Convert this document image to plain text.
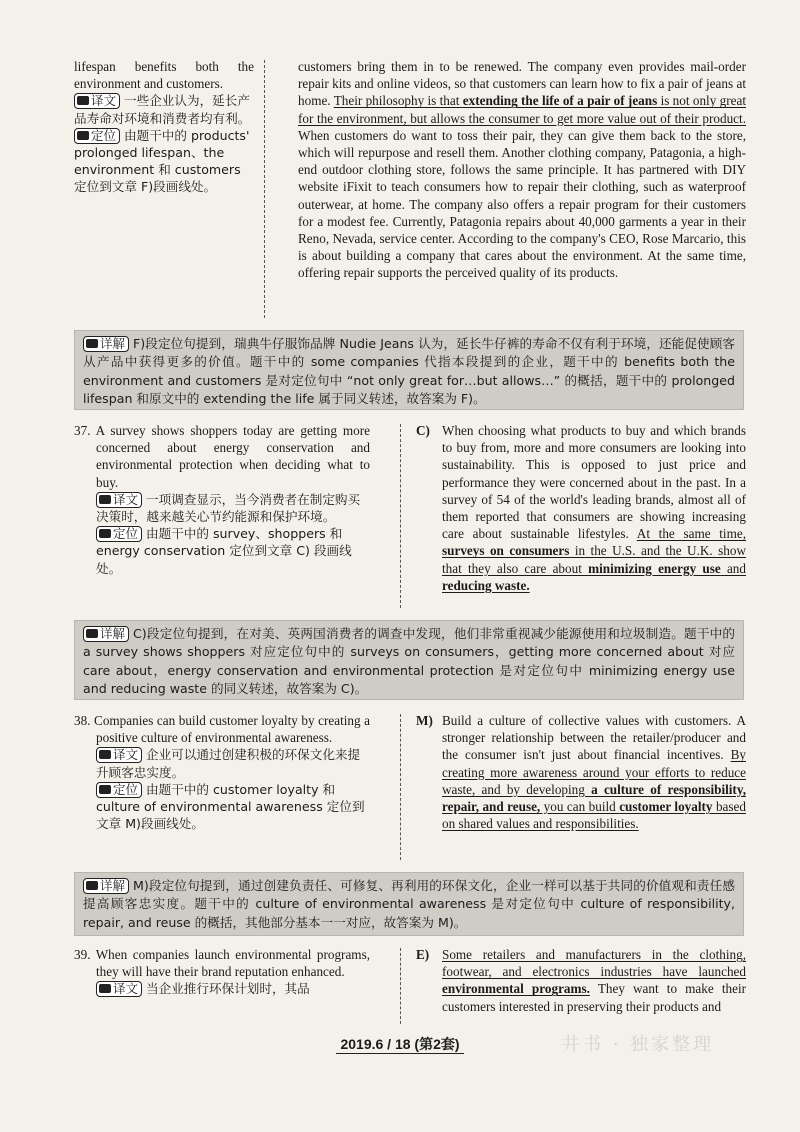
lifespan benefits both the environment and customers.
译文 一些企业认为，延长产品寿命对环境和消费者均有利。
定位 由题干中的 products' prolonged lifespan、the environment 和 customers 定位到文章 F)段画线处。
customers bring them in to be renewed. The company even provides mail-order repair kits and online videos, so that customers can learn how to fix a pair of jeans at home. Their philosophy is that extending the life of a pair of jeans is not only great for the environment, but allows the consumer to get more value out of their product. When customers do want to toss their pair, they can give them back to the store, which will repurpose and resell them. Another clothing company, Patagonia, a high-end outdoor clothing store, follows the same principle. It has partnered with DIY website iFixit to teach consumers how to repair their clothing, such as waterproof outerwear, at home. The company also offers a repair program for their customers for a modest fee. Currently, Patagonia repairs about 40,000 garments a year in their Reno, Nevada, service center. According to the company's CEO, Rose Marcario, this is about building a company that cares about the environment. At the same time, offering repair supports the perceived quality of its products.
详解 F)段定位句提到，瑞典牛仔服饰品牌 Nudie Jeans 认为，延长牛仔裤的寿命不仅有利于环境，还能促使顾客从产品中获得更多的价值。题干中的 some companies 代指本段提到的企业，题干中的 benefits both the environment and customers 是对定位句中 “not only great for…but allows…” 的概括，题干中的 prolonged lifespan 和原文中的 extending the life 属于同义转述，故答案为 F)。
37. A survey shows shoppers today are getting more concerned about energy conservation and environmental protection when deciding what to buy.
译文 一项调查显示，当今消费者在制定购买决策时，越来越关心节约能源和保护环境。
定位 由题干中的 survey、shoppers 和 energy conservation 定位到文章 C) 段画线处。
C) When choosing what products to buy and which brands to buy from, more and more consumers are looking into sustainability. This is opposed to just price and performance they were concerned about in the past. In a survey of 54 of the world's leading brands, almost all of them reported that consumers are showing increasing care about sustainable lifestyles. At the same time, surveys on consumers in the U.S. and the U.K. show that they also care about minimizing energy use and reducing waste.
详解 C)段定位句提到，在对美、英两国消费者的调查中发现，他们非常重视减少能源使用和垃圾制造。题干中的 a survey shows shoppers 对应定位句中的 surveys on consumers，getting more concerned about 对应 care about，energy conservation and environmental protection 是对定位句中 minimizing energy use and reducing waste 的同义转述，故答案为 C)。
38. Companies can build customer loyalty by creating a positive culture of environmental awareness.
译文 企业可以通过创建积极的环保文化来提升顾客忠实度。
定位 由题干中的 customer loyalty 和 culture of environmental awareness 定位到文章 M)段画线处。
M) Build a culture of collective values with customers. A stronger relationship between the retailer/producer and the consumer isn't just about financial incentives. By creating more awareness around your efforts to reduce waste, and by developing a culture of responsibility, repair, and reuse, you can build customer loyalty based on shared values and responsibilities.
详解 M)段定位句提到，通过创建负责任、可修复、再利用的环保文化，企业一样可以基于共同的价值观和责任感提高顾客忠实度。题干中的 culture of environmental awareness 是对定位句中 culture of responsibility, repair, and reuse 的概括，其他部分基本一一对应，故答案为 M)。
39. When companies launch environmental programs, they will have their brand reputation enhanced.
译文 当企业推行环保计划时，其品
E) Some retailers and manufacturers in the clothing, footwear, and electronics industries have launched environmental programs. They want to make their customers interested in preserving their products and
2019.6 / 18 (第2套)	井书 · 独家整理
